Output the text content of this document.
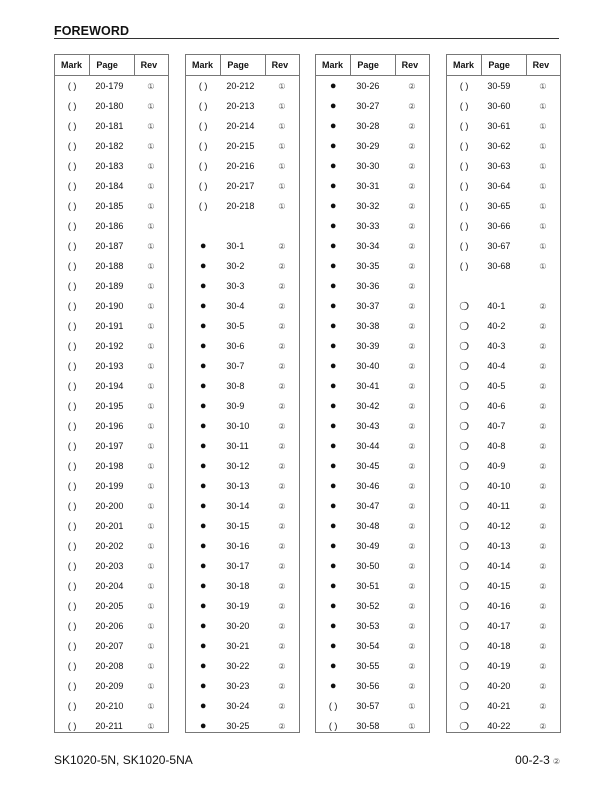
FOREWORD
Mark	Page	Rev
( )	20-179	①
( )	20-180	①
( )	20-181	①
( )	20-182	①
( )	20-183	①
( )	20-184	①
( )	20-185	①
( )	20-186	①
( )	20-187	①
( )	20-188	①
( )	20-189	①
( )	20-190	①
( )	20-191	①
( )	20-192	①
( )	20-193	①
( )	20-194	①
( )	20-195	①
( )	20-196	①
( )	20-197	①
( )	20-198	①
( )	20-199	①
( )	20-200	①
( )	20-201	①
( )	20-202	①
( )	20-203	①
( )	20-204	①
( )	20-205	①
( )	20-206	①
( )	20-207	①
( )	20-208	①
( )	20-209	①
( )	20-210	①
( )	20-211	①
Mark	Page	Rev
( )	20-212	①
( )	20-213	①
( )	20-214	①
( )	20-215	①
( )	20-216	①
( )	20-217	①
( )	20-218	①
●	30-1	②
●	30-2	②
●	30-3	②
●	30-4	②
●	30-5	②
●	30-6	②
●	30-7	②
●	30-8	②
●	30-9	②
●	30-10	②
●	30-11	②
●	30-12	②
●	30-13	②
●	30-14	②
●	30-15	②
●	30-16	②
●	30-17	②
●	30-18	②
●	30-19	②
●	30-20	②
●	30-21	②
●	30-22	②
●	30-23	②
●	30-24	②
●	30-25	②
Mark	Page	Rev
●	30-26	②
●	30-27	②
●	30-28	②
●	30-29	②
●	30-30	②
●	30-31	②
●	30-32	②
●	30-33	②
●	30-34	②
●	30-35	②
●	30-36	②
●	30-37	②
●	30-38	②
●	30-39	②
●	30-40	②
●	30-41	②
●	30-42	②
●	30-43	②
●	30-44	②
●	30-45	②
●	30-46	②
●	30-47	②
●	30-48	②
●	30-49	②
●	30-50	②
●	30-51	②
●	30-52	②
●	30-53	②
●	30-54	②
●	30-55	②
●	30-56	②
( )	30-57	①
( )	30-58	①
Mark	Page	Rev
( )	30-59	①
( )	30-60	①
( )	30-61	①
( )	30-62	①
( )	30-63	①
( )	30-64	①
( )	30-65	①
( )	30-66	①
( )	30-67	①
( )	30-68	①
❍	40-1	②
❍	40-2	②
❍	40-3	②
❍	40-4	②
❍	40-5	②
❍	40-6	②
❍	40-7	②
❍	40-8	②
❍	40-9	②
❍	40-10	②
❍	40-11	②
❍	40-12	②
❍	40-13	②
❍	40-14	②
❍	40-15	②
❍	40-16	②
❍	40-17	②
❍	40-18	②
❍	40-19	②
❍	40-20	②
❍	40-21	②
❍	40-22	②
SK1020-5N, SK1020-5NA	00-2-3 ②
